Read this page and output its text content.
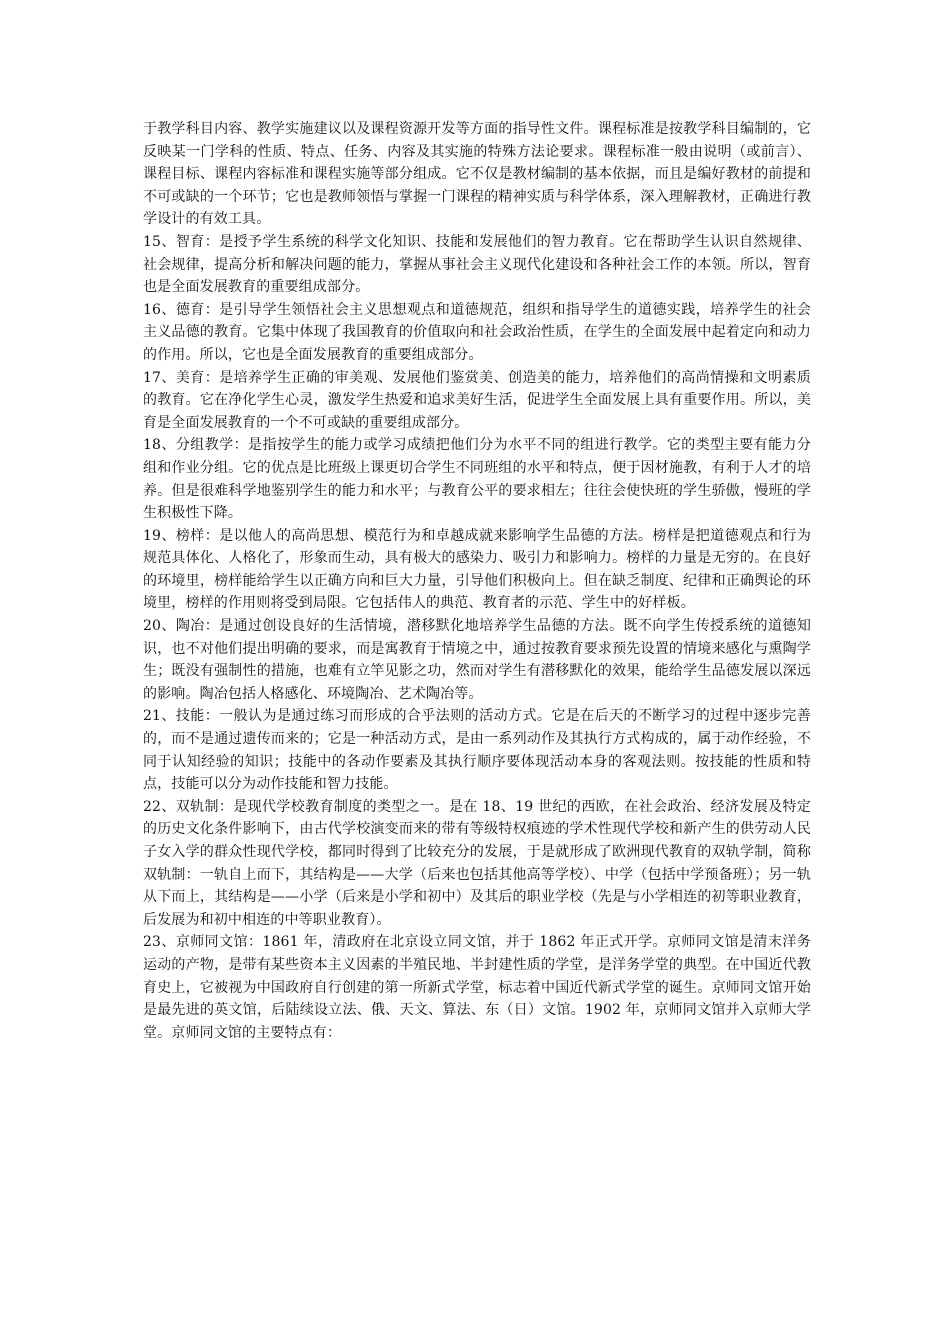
于教学科目内容、教学实施建议以及课程资源开发等方面的指导性文件。课程标准是按教学科目编制的，它反映某一门学科的性质、特点、任务、内容及其实施的特殊方法论要求。课程标准一般由说明（或前言）、课程目标、课程内容标准和课程实施等部分组成。它不仅是教材编制的基本依据，而且是编好教材的前提和不可或缺的一个环节；它也是教师领悟与掌握一门课程的精神实质与科学体系，深入理解教材，正确进行教学设计的有效工具。

15、智育：是授予学生系统的科学文化知识、技能和发展他们的智力教育。它在帮助学生认识自然规律、社会规律，提高分析和解决问题的能力，掌握从事社会主义现代化建设和各种社会工作的本领。所以，智育也是全面发展教育的重要组成部分。

16、德育：是引导学生领悟社会主义思想观点和道德规范，组织和指导学生的道德实践，培养学生的社会主义品德的教育。它集中体现了我国教育的价值取向和社会政治性质，在学生的全面发展中起着定向和动力的作用。所以，它也是全面发展教育的重要组成部分。

17、美育：是培养学生正确的审美观、发展他们鉴赏美、创造美的能力，培养他们的高尚情操和文明素质的教育。它在净化学生心灵，激发学生热爱和追求美好生活，促进学生全面发展上具有重要作用。所以，美育是全面发展教育的一个不可或缺的重要组成部分。

18、分组教学：是指按学生的能力或学习成绩把他们分为水平不同的组进行教学。它的类型主要有能力分组和作业分组。它的优点是比班级上课更切合学生不同班组的水平和特点，便于因材施教，有利于人才的培养。但是很难科学地鉴别学生的能力和水平；与教育公平的要求相左；往往会使快班的学生骄傲，慢班的学生积极性下降。

19、榜样：是以他人的高尚思想、模范行为和卓越成就来影响学生品德的方法。榜样是把道德观点和行为规范具体化、人格化了，形象而生动，具有极大的感染力、吸引力和影响力。榜样的力量是无穷的。在良好的环境里，榜样能给学生以正确方向和巨大力量，引导他们积极向上。但在缺乏制度、纪律和正确舆论的环境里，榜样的作用则将受到局限。它包括伟人的典范、教育者的示范、学生中的好样板。

20、陶冶：是通过创设良好的生活情境，潜移默化地培养学生品德的方法。既不向学生传授系统的道德知识，也不对他们提出明确的要求，而是寓教育于情境之中，通过按教育要求预先设置的情境来感化与熏陶学生；既没有强制性的措施，也难有立竿见影之功，然而对学生有潜移默化的效果，能给学生品德发展以深远的影响。陶冶包括人格感化、环境陶冶、艺术陶冶等。

21、技能：一般认为是通过练习而形成的合乎法则的活动方式。它是在后天的不断学习的过程中逐步完善的，而不是通过遗传而来的；它是一种活动方式，是由一系列动作及其执行方式构成的，属于动作经验，不同于认知经验的知识；技能中的各动作要素及其执行顺序要体现活动本身的客观法则。按技能的性质和特点，技能可以分为动作技能和智力技能。

22、双轨制：是现代学校教育制度的类型之一。是在 18、19 世纪的西欧，在社会政治、经济发展及特定的历史文化条件影响下，由古代学校演变而来的带有等级特权痕迹的学术性现代学校和新产生的供劳动人民子女入学的群众性现代学校，都同时得到了比较充分的发展，于是就形成了欧洲现代教育的双轨学制，简称双轨制：一轨自上而下，其结构是——大学（后来也包括其他高等学校）、中学（包括中学预备班）；另一轨从下而上，其结构是——小学（后来是小学和初中）及其后的职业学校（先是与小学相连的初等职业教育，后发展为和初中相连的中等职业教育）。

23、京师同文馆：1861 年，清政府在北京设立同文馆，并于 1862 年正式开学。京师同文馆是清末洋务运动的产物，是带有某些资本主义因素的半殖民地、半封建性质的学堂，是洋务学堂的典型。在中国近代教育史上，它被视为中国政府自行创建的第一所新式学堂，标志着中国近代新式学堂的诞生。京师同文馆开始是最先进的英文馆，后陆续设立法、俄、天文、算法、东（日）文馆。1902 年，京师同文馆并入京师大学堂。京师同文馆的主要特点有：
